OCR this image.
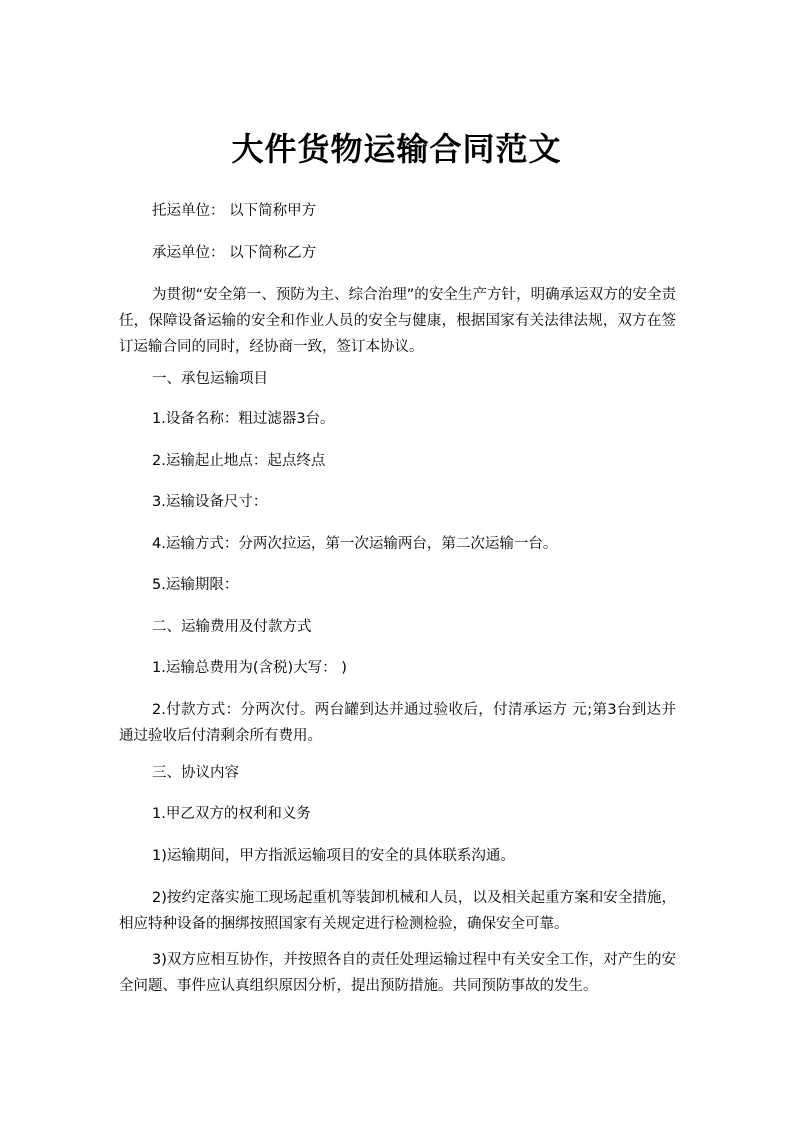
大件货物运输合同范文

托运单位： 以下简称甲方

承运单位： 以下简称乙方

为贯彻“安全第一、预防为主、综合治理”的安全生产方针，明确承运双方的安全责任，保障设备运输的安全和作业人员的安全与健康，根据国家有关法律法规，双方在签订运输合同的同时，经协商一致，签订本协议。

一、承包运输项目

1.设备名称：粗过滤器3台。

2.运输起止地点：起点终点

3.运输设备尺寸：

4.运输方式：分两次拉运，第一次运输两台，第二次运输一台。

5.运输期限：

二、运输费用及付款方式

1.运输总费用为(含税)大写： )

2.付款方式：分两次付。两台罐到达并通过验收后，付清承运方 元;第3台到达并通过验收后付清剩余所有费用。

三、协议内容

1.甲乙双方的权利和义务

1)运输期间，甲方指派运输项目的安全的具体联系沟通。

2)按约定落实施工现场起重机等装卸机械和人员，以及相关起重方案和安全措施，相应特种设备的捆绑按照国家有关规定进行检测检验，确保安全可靠。

3)双方应相互协作，并按照各自的责任处理运输过程中有关安全工作，对产生的安全问题、事件应认真组织原因分析，提出预防措施。共同预防事故的发生。
